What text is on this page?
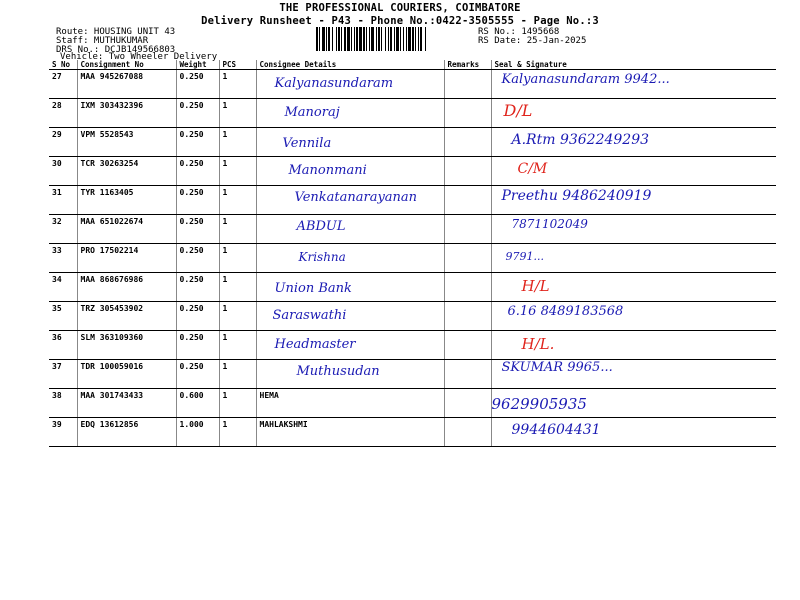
THE PROFESSIONAL COURIERS, COIMBATORE
Delivery Runsheet - P43 - Phone No.:0422-3505555 - Page No.:3
Route: HOUSING UNIT 43
Staff: MUTHUKUMAR
DRS No.: DCJB149566803
Vehicle: Two Wheeler Delivery
RS No.: 1495668
RS Date: 25-Jan-2025
S No	Consignment No	Weight	PCS	Consignee Details	Remarks	Seal & Signature
27	MAA 945267088	0.250	1	Kalyanasundaram		Kalyanasundaram 9942...

28	IXM 303432396	0.250	1	Manoraj		D/L

29	VPM 5528543	0.250	1	Vennila		A.Rtm 9362249293

30	TCR 30263254	0.250	1	Manonmani		C/M

31	TYR 1163405	0.250	1	Venkatanarayanan		Preethu 9486240919

32	MAA 651022674	0.250	1	ABDUL		7871102049

33	PRO 17502214	0.250	1	Krishna		9791...

34	MAA 868676986	0.250	1	Union Bank		H/L

35	TRZ 305453902	0.250	1	Saraswathi		6.16 8489183568

36	SLM 363109360	0.250	1	Headmaster		H/L.

37	TDR 100059016	0.250	1	Muthusudan		SKUMAR 9965...

38	MAA 301743433	0.600	1	HEMA		9629905935

39	EDQ 13612856	1.000	1	MAHLAKSHMI		9944604431
